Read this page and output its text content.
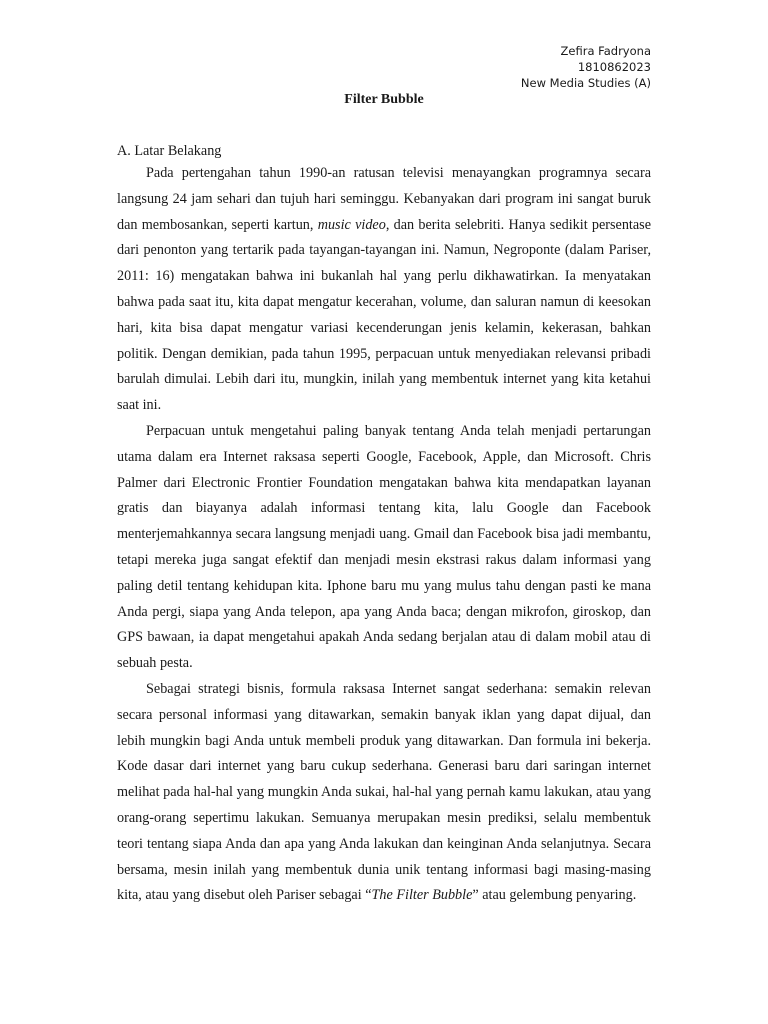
Zefira Fadryona
1810862023
New Media Studies (A)
Filter Bubble
A. Latar Belakang

Pada pertengahan tahun 1990-an ratusan televisi menayangkan programnya secara langsung 24 jam sehari dan tujuh hari seminggu. Kebanyakan dari program ini sangat buruk dan membosankan, seperti kartun, music video, dan berita selebriti. Hanya sedikit persentase dari penonton yang tertarik pada tayangan-tayangan ini. Namun, Negroponte (dalam Pariser, 2011: 16) mengatakan bahwa ini bukanlah hal yang perlu dikhawatirkan. Ia menyatakan bahwa pada saat itu, kita dapat mengatur kecerahan, volume, dan saluran namun di keesokan hari, kita bisa dapat mengatur variasi kecenderungan jenis kelamin, kekerasan, bahkan politik. Dengan demikian, pada tahun 1995, perpacuan untuk menyediakan relevansi pribadi barulah dimulai. Lebih dari itu, mungkin, inilah yang membentuk internet yang kita ketahui saat ini.

Perpacuan untuk mengetahui paling banyak tentang Anda telah menjadi pertarungan utama dalam era Internet raksasa seperti Google, Facebook, Apple, dan Microsoft. Chris Palmer dari Electronic Frontier Foundation mengatakan bahwa kita mendapatkan layanan gratis dan biayanya adalah informasi tentang kita, lalu Google dan Facebook menterjemahkannya secara langsung menjadi uang. Gmail dan Facebook bisa jadi membantu, tetapi mereka juga sangat efektif dan menjadi mesin ekstrasi rakus dalam informasi yang paling detil tentang kehidupan kita. Iphone baru mu yang mulus tahu dengan pasti ke mana Anda pergi, siapa yang Anda telepon, apa yang Anda baca; dengan mikrofon, giroskop, dan GPS bawaan, ia dapat mengetahui apakah Anda sedang berjalan atau di dalam mobil atau di sebuah pesta.

Sebagai strategi bisnis, formula raksasa Internet sangat sederhana: semakin relevan secara personal informasi yang ditawarkan, semakin banyak iklan yang dapat dijual, dan lebih mungkin bagi Anda untuk membeli produk yang ditawarkan. Dan formula ini bekerja. Kode dasar dari internet yang baru cukup sederhana. Generasi baru dari saringan internet melihat pada hal-hal yang mungkin Anda sukai, hal-hal yang pernah kamu lakukan, atau yang orang-orang sepertimu lakukan. Semuanya merupakan mesin prediksi, selalu membentuk teori tentang siapa Anda dan apa yang Anda lakukan dan keinginan Anda selanjutnya. Secara bersama, mesin inilah yang membentuk dunia unik tentang informasi bagi masing-masing kita, atau yang disebut oleh Pariser sebagai “The Filter Bubble” atau gelembung penyaring.
